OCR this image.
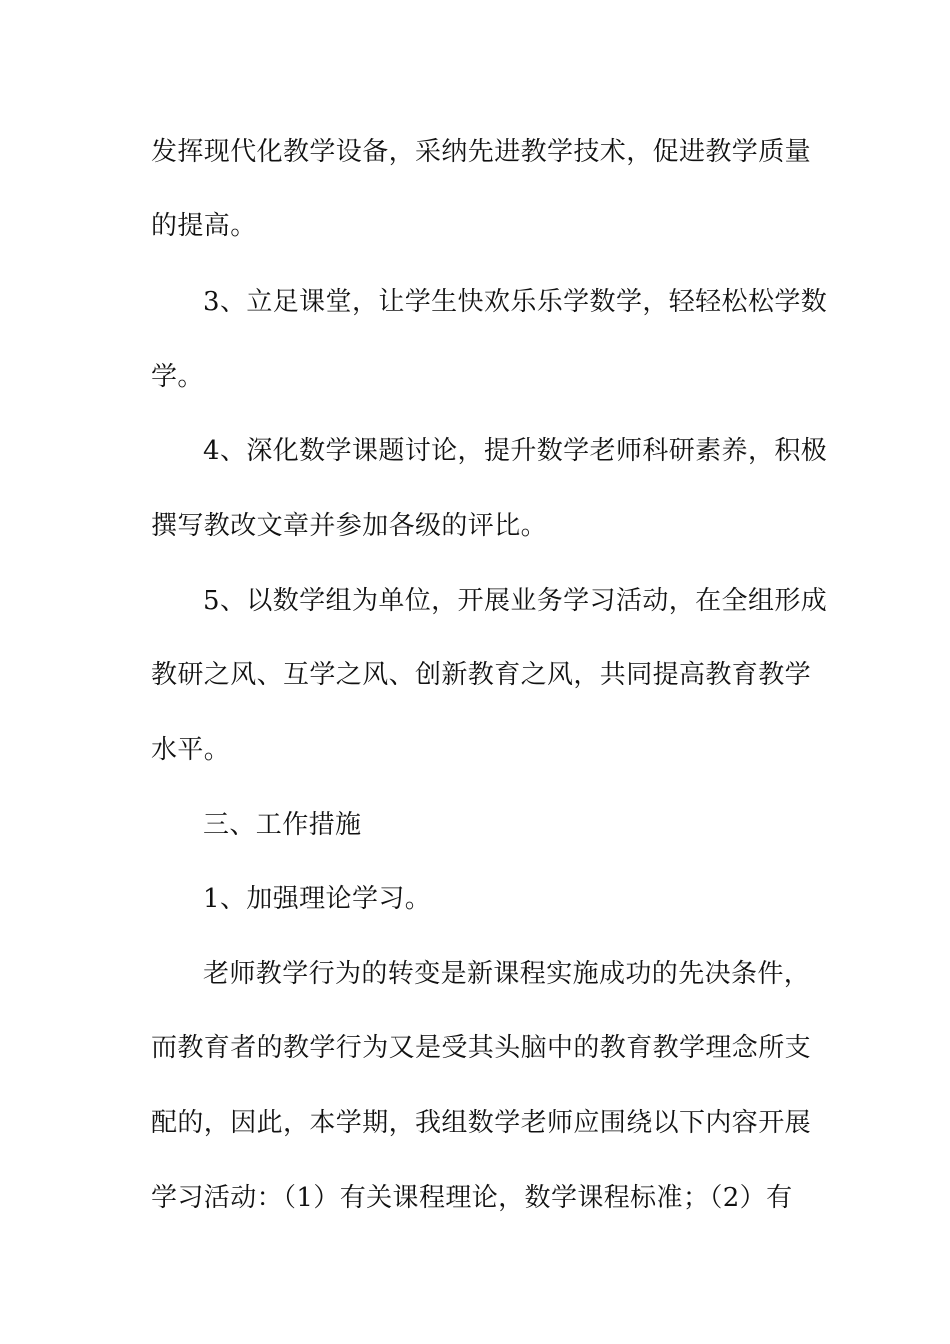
发挥现代化教学设备，采纳先进教学技术，促进教学质量
的提高。
3、立足课堂，让学生快欢乐乐学数学，轻轻松松学数
学。
4、深化数学课题讨论，提升数学老师科研素养，积极
撰写教改文章并参加各级的评比。
5、以数学组为单位，开展业务学习活动，在全组形成
教研之风、互学之风、创新教育之风，共同提高教育教学
水平。
三、工作措施
1、加强理论学习。
老师教学行为的转变是新课程实施成功的先决条件，
而教育者的教学行为又是受其头脑中的教育教学理念所支
配的，因此，本学期，我组数学老师应围绕以下内容开展
学习活动：（1）有关课程理论，数学课程标准；（2）有
